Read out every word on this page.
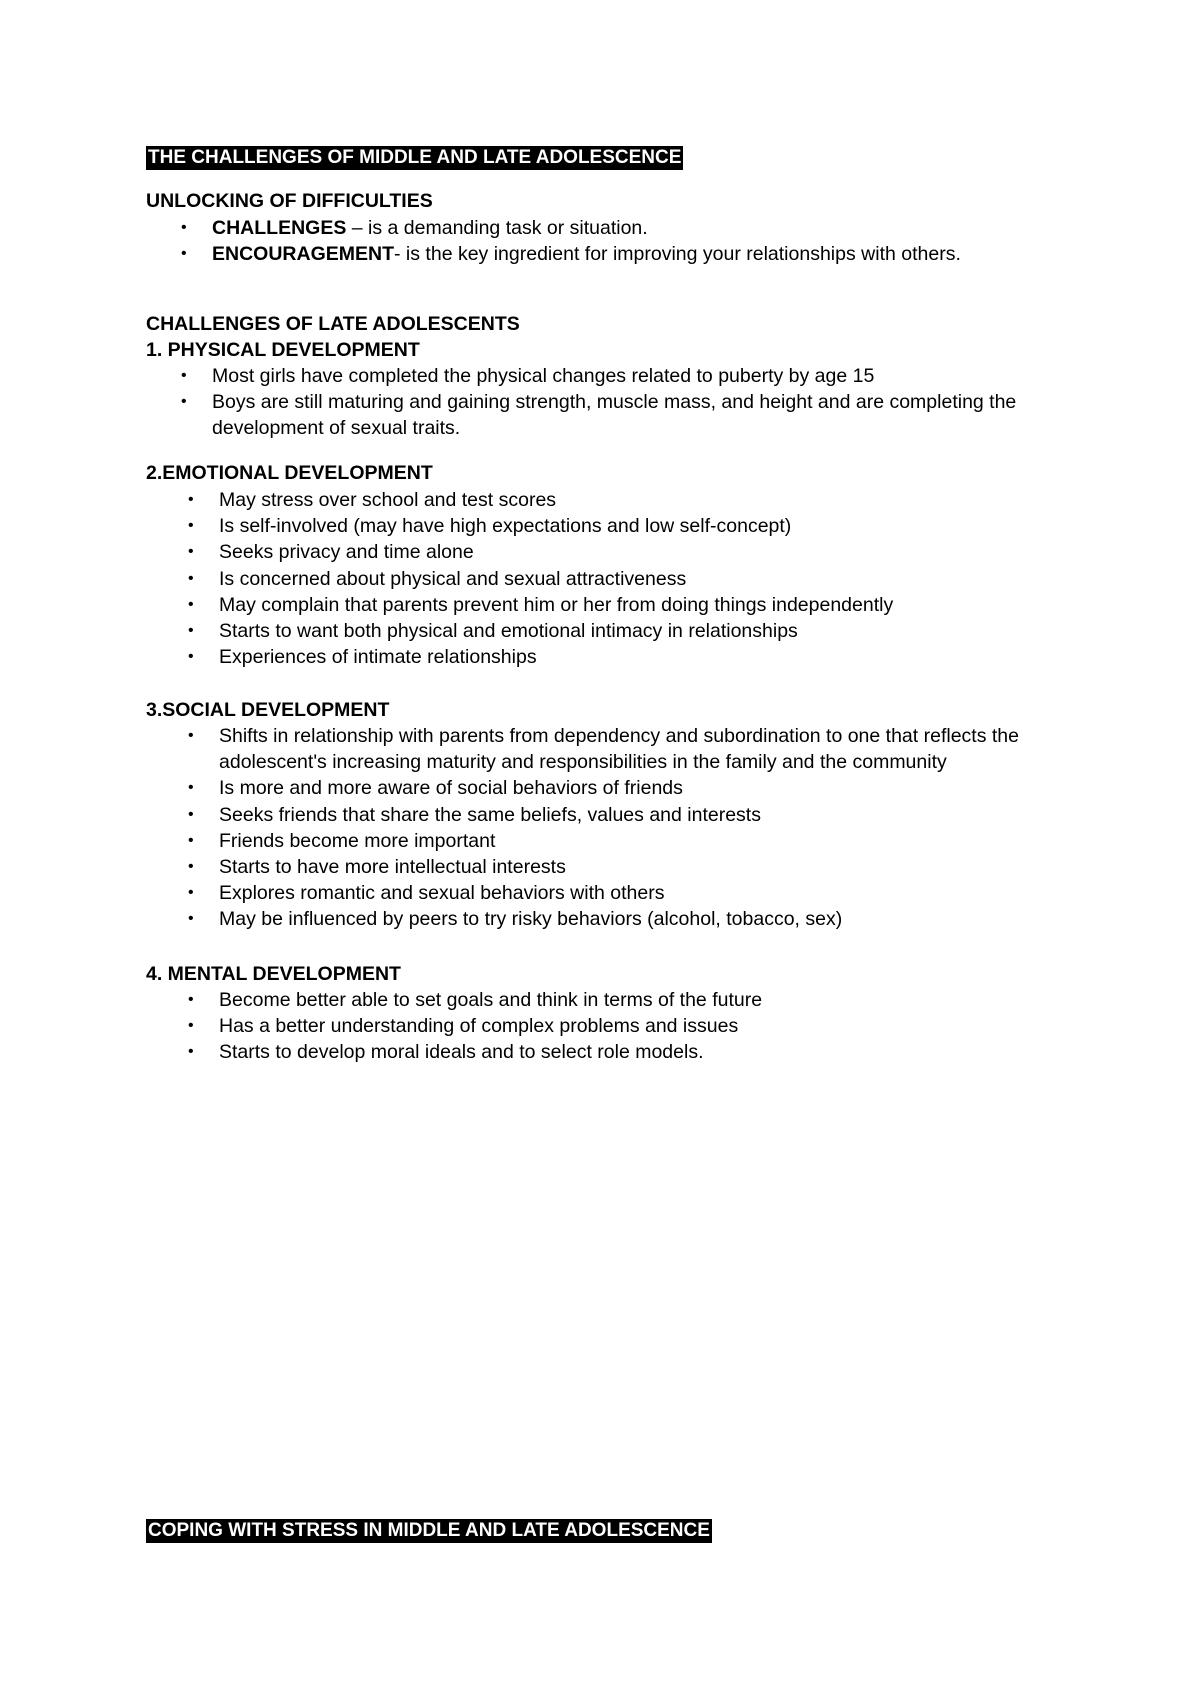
THE CHALLENGES OF MIDDLE AND LATE ADOLESCENCE
UNLOCKING OF DIFFICULTIES
• CHALLENGES – is a demanding task or situation.
• ENCOURAGEMENT- is the key ingredient for improving your relationships with others.
CHALLENGES OF LATE ADOLESCENTS
1. PHYSICAL DEVELOPMENT
• Most girls have completed the physical changes related to puberty by age 15
• Boys are still maturing and gaining strength, muscle mass, and height and are completing the development of sexual traits.
2.EMOTIONAL DEVELOPMENT
• May stress over school and test scores
• Is self-involved (may have high expectations and low self-concept)
• Seeks privacy and time alone
• Is concerned about physical and sexual attractiveness
• May complain that parents prevent him or her from doing things independently
• Starts to want both physical and emotional intimacy in relationships
• Experiences of intimate relationships
3.SOCIAL DEVELOPMENT
• Shifts in relationship with parents from dependency and subordination to one that reflects the adolescent's increasing maturity and responsibilities in the family and the community
• Is more and more aware of social behaviors of friends
• Seeks friends that share the same beliefs, values and interests
• Friends become more important
• Starts to have more intellectual interests
• Explores romantic and sexual behaviors with others
• May be influenced by peers to try risky behaviors (alcohol, tobacco, sex)
4. MENTAL DEVELOPMENT
• Become better able to set goals and think in terms of the future
• Has a better understanding of complex problems and issues
• Starts to develop moral ideals and to select role models.
COPING WITH STRESS IN MIDDLE AND LATE ADOLESCENCE
